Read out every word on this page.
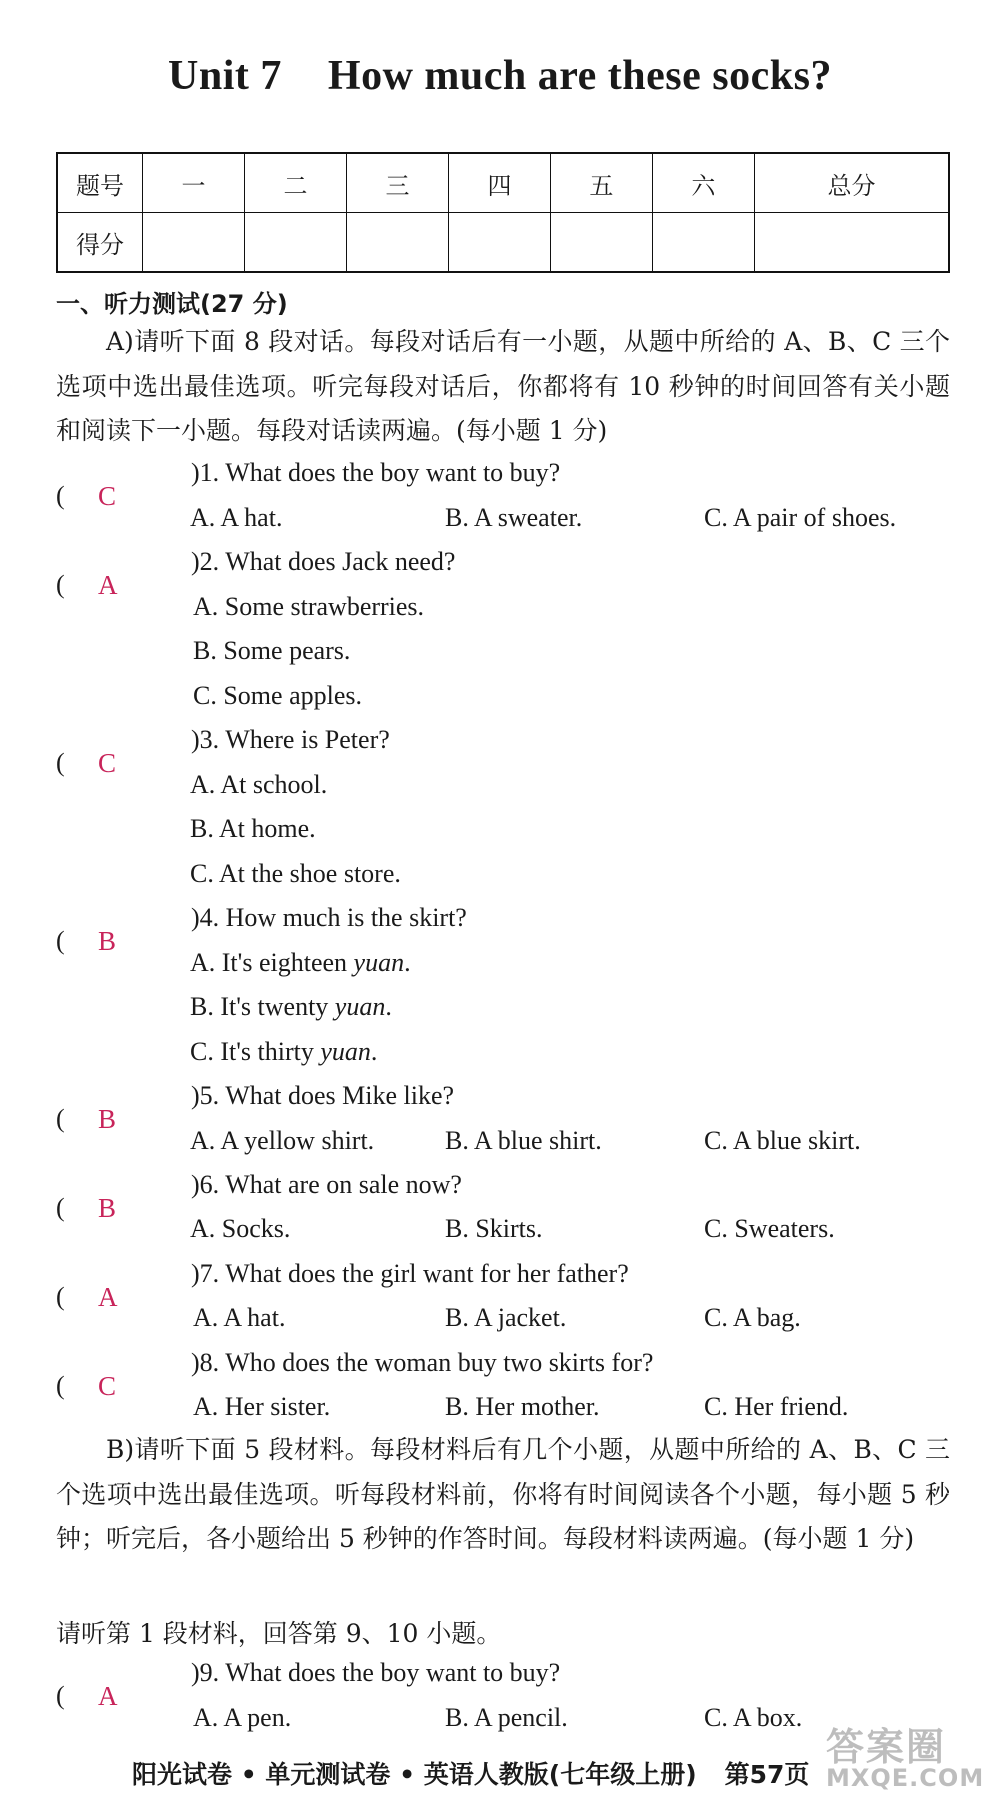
Unit 7 How much are these socks?
题号	一	二	三	四	五	六	总分
得分							
一、听力测试(27 分)
A)请听下面 8 段对话。每段对话后有一小题，从题中所给的 A、B、C 三个选项中选出最佳选项。听完每段对话后，你都将有 10 秒钟的时间回答有关小题和阅读下一小题。每段对话读两遍。(每小题 1 分)
( C
)1. What does the boy want to buy?
A. A hat.	B. A sweater.	C. A pair of shoes.
( A
)2. What does Jack need?
A. Some strawberries.
B. Some pears.
C. Some apples.
( C
)3. Where is Peter?
A. At school.
B. At home.
C. At the shoe store.
( B
)4. How much is the skirt?
A. It's eighteen yuan.
B. It's twenty yuan.
C. It's thirty yuan.
( B
)5. What does Mike like?
A. A yellow shirt.	B. A blue shirt.	C. A blue skirt.
( B
)6. What are on sale now?
A. Socks.	B. Skirts.	C. Sweaters.
( A
)7. What does the girl want for her father?
A. A hat.	B. A jacket.	C. A bag.
( C
)8. Who does the woman buy two skirts for?
A. Her sister.	B. Her mother.	C. Her friend.
B)请听下面 5 段材料。每段材料后有几个小题，从题中所给的 A、B、C 三个选项中选出最佳选项。听每段材料前，你将有时间阅读各个小题，每小题 5 秒钟；听完后，各小题给出 5 秒钟的作答时间。每段材料读两遍。(每小题 1 分)
请听第 1 段材料，回答第 9、10 小题。
( A
)9. What does the boy want to buy?
A. A pen.	B. A pencil.	C. A box.
阳光试卷 • 单元测试卷 • 英语人教版(七年级上册) 第57页
答案圈
MXQE.COM
